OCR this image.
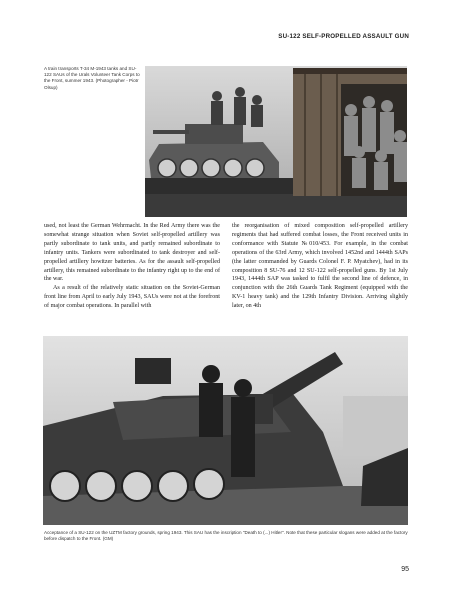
SU-122 SELF-PROPELLED ASSAULT GUN
A train transports T-34 M-1943 tanks and SU-122 SAUs of the Urals Volunteer Tank Corps to the Front, summer 1943. (Photographer - Piotr Olsup)

used, not least the German Wehrmacht. In the Red Army there was the somewhat strange situation when Soviet self-propelled artillery was partly subordinate to tank units, and partly remained subordinate to infantry units. Tankers were subordinated to tank destroyer and self-propelled artillery howitzer batteries. As for the assault self-propelled artillery, this remained subordinate to the infantry right up to the end of the war.

As a result of the relatively static situation on the Soviet-German front line from April to early July 1943, SAUs were not at the forefront of major combat operations. In parallel with

the reorganisation of mixed composition self-propelled artillery regiments that had suffered combat losses, the Front received units in conformance with Statute №010/453. For example, in the combat operations of the 63rd Army, which involved 1452nd and 1444th SAPs (the latter commanded by Guards Colonel F. P. Myatchev), had in its composition 8 SU-76 and 12 SU-122 self-propelled guns. By 1st July 1943, 1444th SAP was tasked to fulfil the second line of defence, in conjunction with the 26th Guards Tank Regiment (equipped with the KV-1 heavy tank) and the 129th Infantry Division. Arriving slightly later, on 4th

Acceptance of a SU-122 on the UZTM factory grounds, spring 1943. This SAU has the inscription "Death to (...) Hitler". Note that these particular slogans were added at the factory before dispatch to the Front. (GM)
95
